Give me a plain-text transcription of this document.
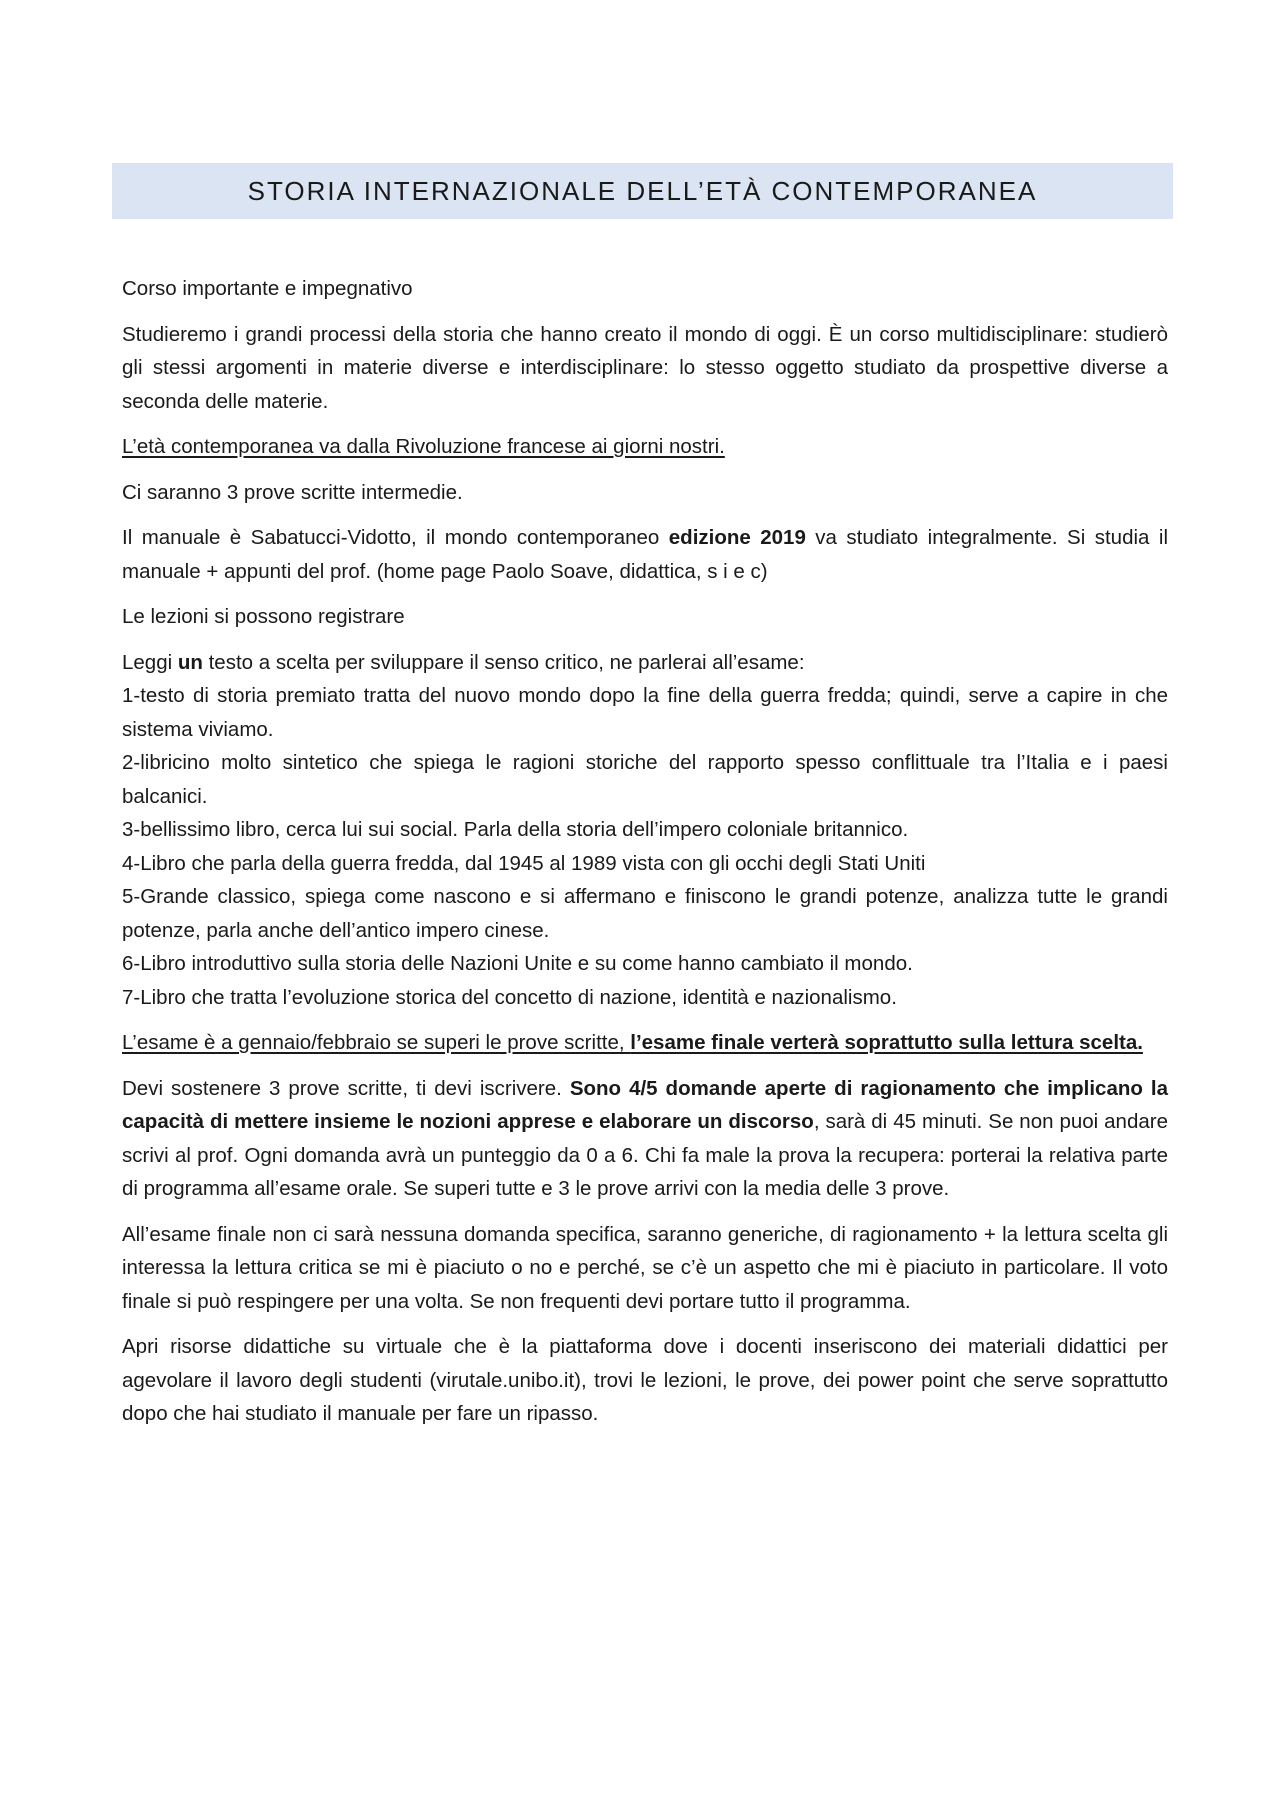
STORIA INTERNAZIONALE DELL’ETÀ CONTEMPORANEA

Corso importante e impegnativo

Studieremo i grandi processi della storia che hanno creato il mondo di oggi. È un corso multidisciplinare: studierò gli stessi argomenti in materie diverse e interdisciplinare: lo stesso oggetto studiato da prospettive diverse a seconda delle materie.

L’età contemporanea va dalla Rivoluzione francese ai giorni nostri.

Ci saranno 3 prove scritte intermedie.

Il manuale è Sabatucci-Vidotto, il mondo contemporaneo edizione 2019 va studiato integralmente. Si studia il manuale + appunti del prof. (home page Paolo Soave, didattica, s i e c)

Le lezioni si possono registrare

Leggi un testo a scelta per sviluppare il senso critico, ne parlerai all’esame:
1-testo di storia premiato tratta del nuovo mondo dopo la fine della guerra fredda; quindi, serve a capire in che sistema viviamo.
2-libricino molto sintetico che spiega le ragioni storiche del rapporto spesso conflittuale tra l’Italia e i paesi balcanici.
3-bellissimo libro, cerca lui sui social. Parla della storia dell’impero coloniale britannico.
4-Libro che parla della guerra fredda, dal 1945 al 1989 vista con gli occhi degli Stati Uniti
5-Grande classico, spiega come nascono e si affermano e finiscono le grandi potenze, analizza tutte le grandi potenze, parla anche dell’antico impero cinese.
6-Libro introduttivo sulla storia delle Nazioni Unite e su come hanno cambiato il mondo.
7-Libro che tratta l’evoluzione storica del concetto di nazione, identità e nazionalismo.

L’esame è a gennaio/febbraio se superi le prove scritte, l’esame finale verterà soprattutto sulla lettura scelta.

Devi sostenere 3 prove scritte, ti devi iscrivere. Sono 4/5 domande aperte di ragionamento che implicano la capacità di mettere insieme le nozioni apprese e elaborare un discorso, sarà di 45 minuti. Se non puoi andare scrivi al prof. Ogni domanda avrà un punteggio da 0 a 6. Chi fa male la prova la recupera: porterai la relativa parte di programma all’esame orale. Se superi tutte e 3 le prove arrivi con la media delle 3 prove.

All’esame finale non ci sarà nessuna domanda specifica, saranno generiche, di ragionamento + la lettura scelta gli interessa la lettura critica se mi è piaciuto o no e perché, se c’è un aspetto che mi è piaciuto in particolare. Il voto finale si può respingere per una volta. Se non frequenti devi portare tutto il programma.

Apri risorse didattiche su virtuale che è la piattaforma dove i docenti inseriscono dei materiali didattici per agevolare il lavoro degli studenti (virutale.unibo.it), trovi le lezioni, le prove, dei power point che serve soprattutto dopo che hai studiato il manuale per fare un ripasso.
